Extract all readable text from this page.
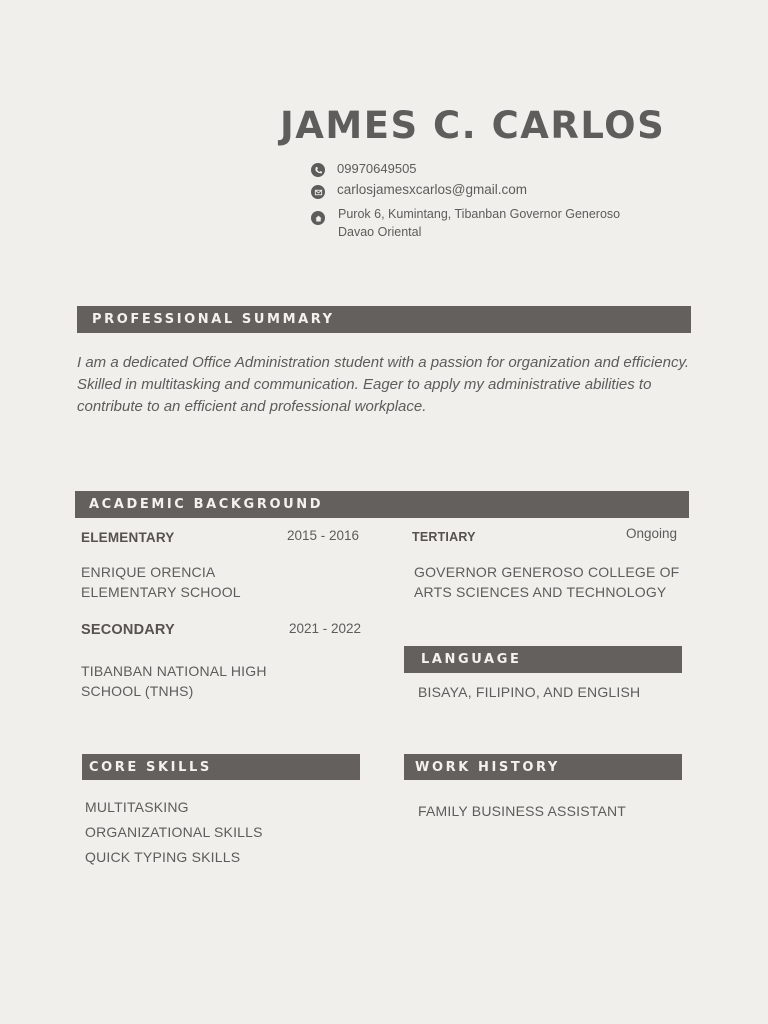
JAMES C. CARLOS
09970649505
carlosjamesxcarlos@gmail.com
Purok 6, Kumintang, Tibanban Governor Generoso
Davao Oriental
PROFESSIONAL SUMMARY

I am a dedicated Office Administration student with a passion for organization and efficiency. Skilled in multitasking and communication. Eager to apply my administrative abilities to contribute to an efficient and professional workplace.

ACADEMIC BACKGROUND
ELEMENTARY	2015 - 2016
ENRIQUE ORENCIA
ELEMENTARY SCHOOL
SECONDARY	2021 - 2022
TIBANBAN NATIONAL HIGH
SCHOOL (TNHS)
TERTIARY	Ongoing
GOVERNOR GENEROSO COLLEGE OF
ARTS SCIENCES AND TECHNOLOGY
LANGUAGE
BISAYA, FILIPINO, AND ENGLISH
CORE SKILLS
MULTITASKING
ORGANIZATIONAL SKILLS
QUICK TYPING SKILLS
WORK HISTORY
FAMILY BUSINESS ASSISTANT
